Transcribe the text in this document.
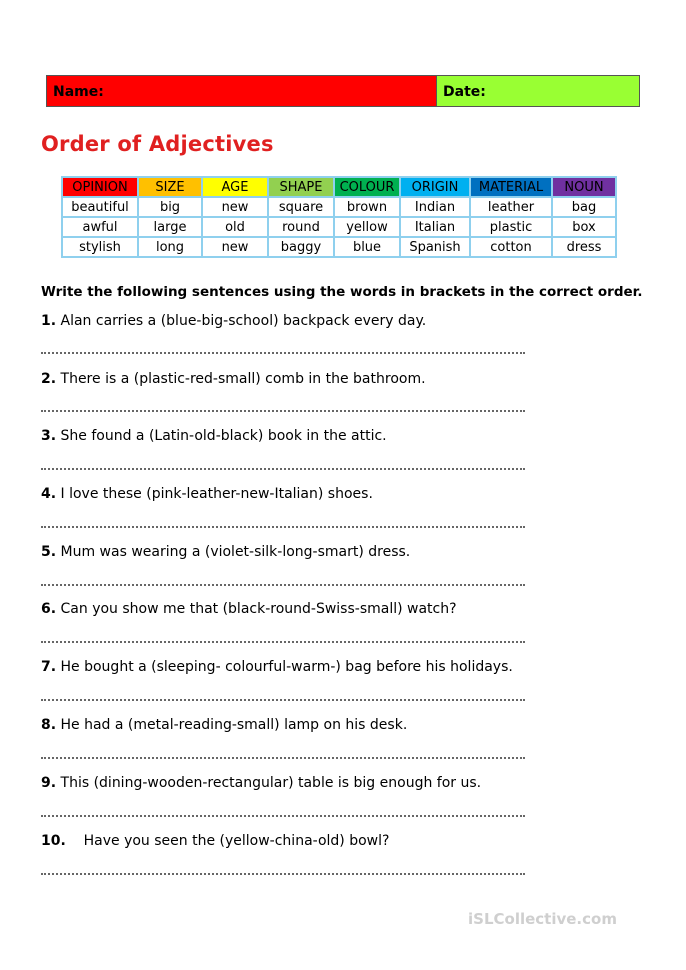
Name:	Date:
Order of Adjectives
OPINION	SIZE	AGE	SHAPE	COLOUR	ORIGIN	MATERIAL	NOUN
beautiful	big	new	square	brown	Indian	leather	bag
awful	large	old	round	yellow	Italian	plastic	box
stylish	long	new	baggy	blue	Spanish	cotton	dress
Write the following sentences using the words in brackets in the correct order.
1. Alan carries a (blue-big-school) backpack every day.
2. There is a (plastic-red-small) comb in the bathroom.
3. She found a (Latin-old-black) book in the attic.
4. I love these (pink-leather-new-Italian) shoes.
5. Mum was wearing a (violet-silk-long-smart) dress.
6. Can you show me that (black-round-Swiss-small) watch?
7. He bought a (sleeping- colourful-warm-) bag before his holidays.
8. He had a (metal-reading-small) lamp on his desk.
9. This (dining-wooden-rectangular) table is big enough for us.
10. Have you seen the (yellow-china-old) bowl?
iSLCollective.com
